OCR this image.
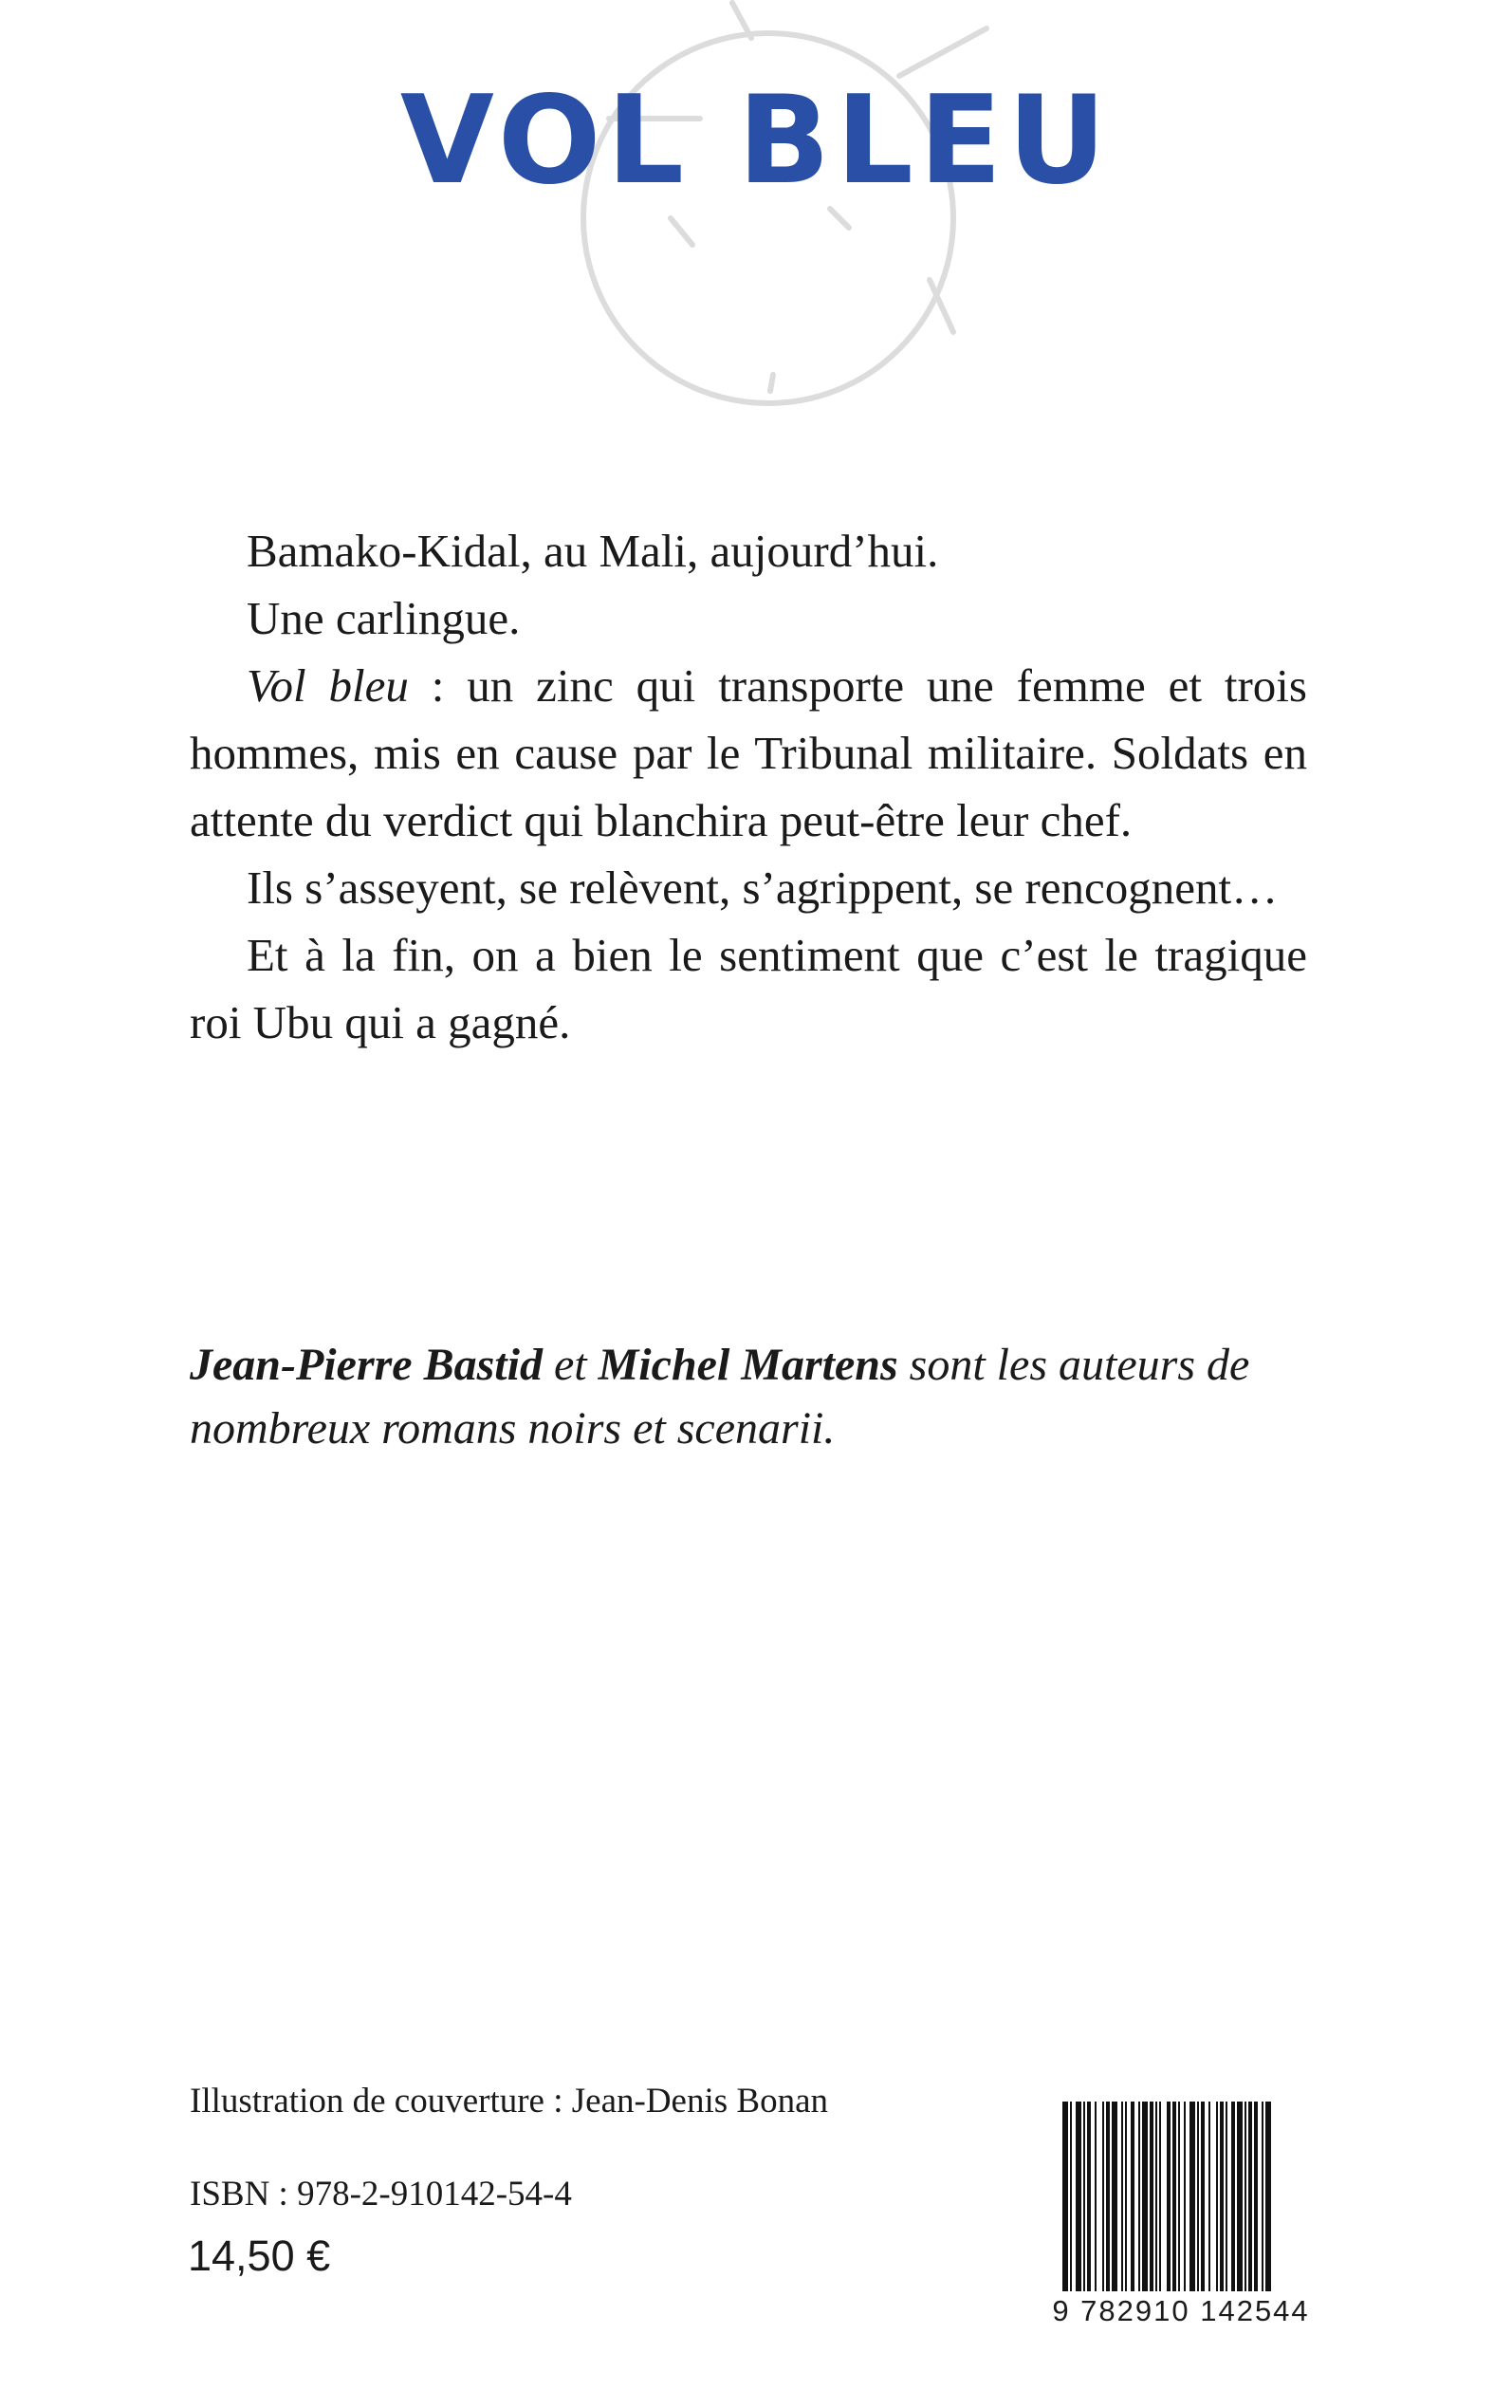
VOL BLEU

Bamako-Kidal, au Mali, aujourd’hui.

Une carlingue.

Vol bleu : un zinc qui transporte une femme et trois hommes, mis en cause par le Tribunal militaire. Soldats en attente du verdict qui blanchira peut-être leur chef.

Ils s’asseyent, se relèvent, s’agrippent, se rencognent…

Et à la fin, on a bien le sentiment que c’est le tragique roi Ubu qui a gagné.

Jean-Pierre Bastid et Michel Martens sont les auteurs de nombreux romans noirs et scenarii.
Illustration de couverture : Jean-Denis Bonan
ISBN : 978-2-910142-54-4
14,50 €
9 782910 142544
